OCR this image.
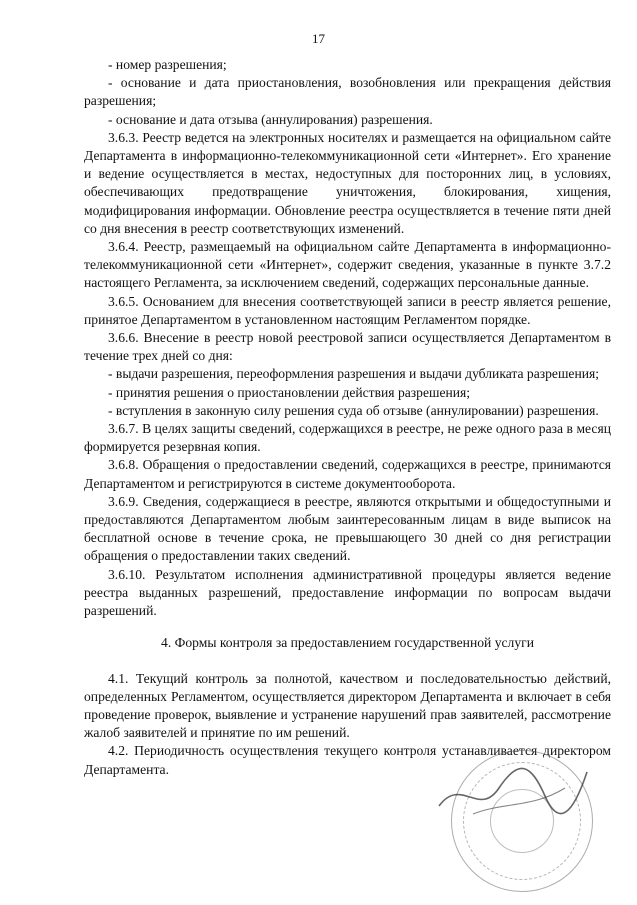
17

- номер разрешения;

- основание и дата приостановления, возобновления или прекращения действия разрешения;

- основание и дата отзыва (аннулирования) разрешения.

3.6.3. Реестр ведется на электронных носителях и размещается на официальном сайте Департамента в информационно-телекоммуникационной сети «Интернет». Его хранение и ведение осуществляется в местах, недоступных для посторонних лиц, в условиях, обеспечивающих предотвращение уничтожения, блокирования, хищения, модифицирования информации. Обновление реестра осуществляется в течение пяти дней со дня внесения в реестр соответствующих изменений.

3.6.4. Реестр, размещаемый на официальном сайте Департамента в информационно-телекоммуникационной сети «Интернет», содержит сведения, указанные в пункте 3.7.2 настоящего Регламента, за исключением сведений, содержащих персональные данные.

3.6.5. Основанием для внесения соответствующей записи в реестр является решение, принятое Департаментом в установленном настоящим Регламентом порядке.

3.6.6. Внесение в реестр новой реестровой записи осуществляется Департаментом в течение трех дней со дня:

- выдачи разрешения, переоформления разрешения и выдачи дубликата разрешения;

- принятия решения о приостановлении действия разрешения;

- вступления в законную силу решения суда об отзыве (аннулировании) разрешения.

3.6.7. В целях защиты сведений, содержащихся в реестре, не реже одного раза в месяц формируется резервная копия.

3.6.8. Обращения о предоставлении сведений, содержащихся в реестре, принимаются Департаментом и регистрируются в системе документооборота.

3.6.9. Сведения, содержащиеся в реестре, являются открытыми и общедоступными и предоставляются Департаментом любым заинтересованным лицам в виде выписок на бесплатной основе в течение срока, не превышающего 30 дней со дня регистрации обращения о предоставлении таких сведений.

3.6.10. Результатом исполнения административной процедуры является ведение реестра выданных разрешений, предоставление информации по вопросам выдачи разрешений.

4. Формы контроля за предоставлением государственной услуги

4.1. Текущий контроль за полнотой, качеством и последовательностью действий, определенных Регламентом, осуществляется директором Департамента и включает в себя проведение проверок, выявление и устранение нарушений прав заявителей, рассмотрение жалоб заявителей и принятие по им решений.

4.2. Периодичность осуществления текущего контроля устанавливается директором Департамента.
